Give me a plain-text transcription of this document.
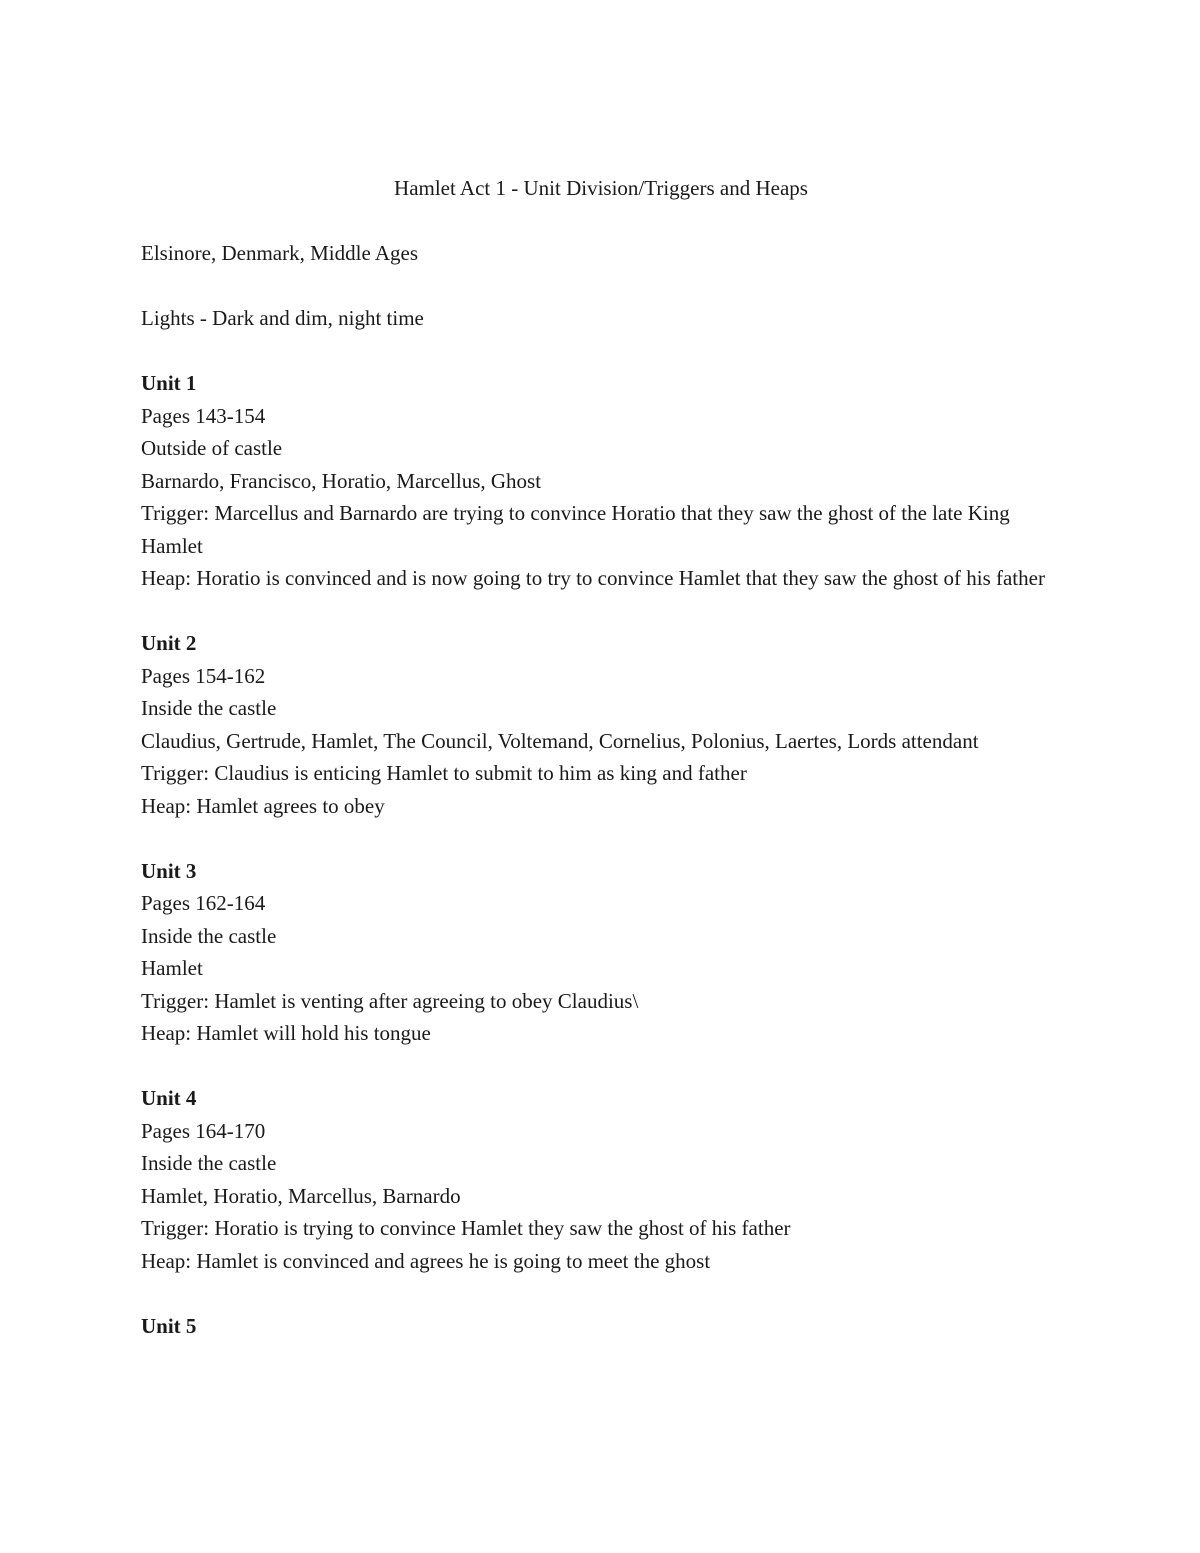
Hamlet Act 1 - Unit Division/Triggers and Heaps
Elsinore, Denmark, Middle Ages
Lights - Dark and dim, night time
Unit 1
Pages 143-154
Outside of castle
Barnardo, Francisco, Horatio, Marcellus, Ghost
Trigger: Marcellus and Barnardo are trying to convince Horatio that they saw the ghost of the late King Hamlet
Heap: Horatio is convinced and is now going to try to convince Hamlet that they saw the ghost of his father
Unit 2
Pages 154-162
Inside the castle
Claudius, Gertrude, Hamlet, The Council, Voltemand, Cornelius, Polonius, Laertes, Lords attendant
Trigger: Claudius is enticing Hamlet to submit to him as king and father
Heap: Hamlet agrees to obey
Unit 3
Pages 162-164
Inside the castle
Hamlet
Trigger: Hamlet is venting after agreeing to obey Claudius\
Heap: Hamlet will hold his tongue
Unit 4
Pages 164-170
Inside the castle
Hamlet, Horatio, Marcellus, Barnardo
Trigger: Horatio is trying to convince Hamlet they saw the ghost of his father
Heap: Hamlet is convinced and agrees he is going to meet the ghost
Unit 5
